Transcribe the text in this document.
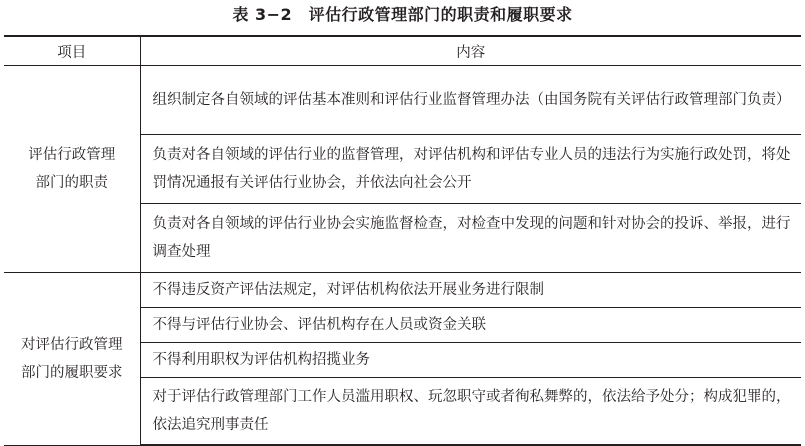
表 3−2　评估行政管理部门的职责和履职要求
项目	内容
评估行政管理
部门的职责	组织制定各自领域的评估基本准则和评估行业监督管理办法（由国务院有关评估行政管理部门负责）
	负责对各自领域的评估行业的监督管理，对评估机构和评估专业人员的违法行为实施行政处罚，将处罚情况通报有关评估行业协会，并依法向社会公开
	负责对各自领域的评估行业协会实施监督检查，对检查中发现的问题和针对协会的投诉、举报，进行调查处理
对评估行政管理
部门的履职要求	不得违反资产评估法规定，对评估机构依法开展业务进行限制
	不得与评估行业协会、评估机构存在人员或资金关联
	不得利用职权为评估机构招揽业务
	对于评估行政管理部门工作人员滥用职权、玩忽职守或者徇私舞弊的，依法给予处分；构成犯罪的，依法追究刑事责任
